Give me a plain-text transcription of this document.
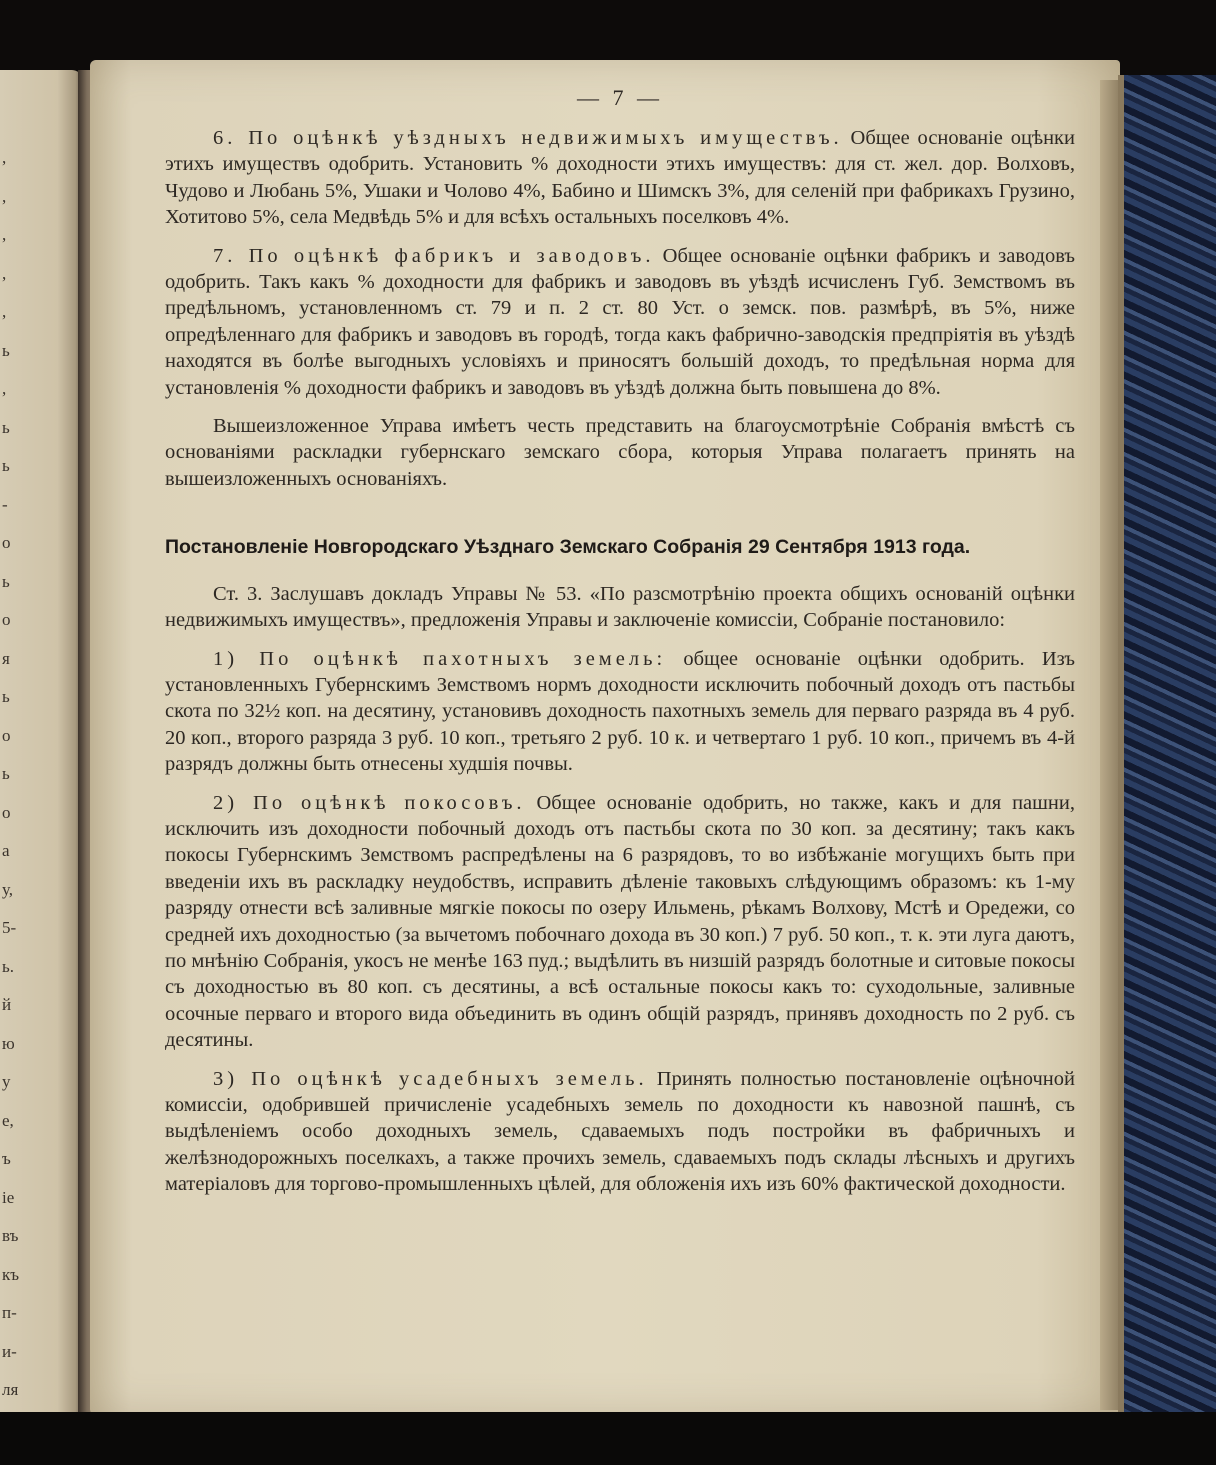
,
,
,
,
,
ь
,
ь
ь
-
о
ь
о
я
ь
о
ь
о
а
у,
5-
ь.
й
ю
у
е,
ъ
іе
въ
къ
п-
и-
ля
— 7 —

6. По оцѣнкѣ уѣздныхъ недвижимыхъ имуществъ. Общее основаніе оцѣнки этихъ имуществъ одобрить. Установить % доходности этихъ имуществъ: для ст. жел. дор. Волховъ, Чудово и Любань 5%, Ушаки и Чолово 4%, Бабино и Шимскъ 3%, для селеній при фабрикахъ Грузино, Хотитово 5%, села Медвѣдь 5% и для всѣхъ остальныхъ поселковъ 4%.

7. По оцѣнкѣ фабрикъ и заводовъ. Общее основаніе оцѣнки фабрикъ и заводовъ одобрить. Такъ какъ % доходности для фабрикъ и заводовъ въ уѣздѣ исчисленъ Губ. Земствомъ въ предѣльномъ, установленномъ ст. 79 и п. 2 ст. 80 Уст. о земск. пов. размѣрѣ, въ 5%, ниже опредѣленнаго для фабрикъ и заводовъ въ городѣ, тогда какъ фабрично-заводскія предпріятія въ уѣздѣ находятся въ болѣе выгодныхъ условіяхъ и приносятъ большій доходъ, то предѣльная норма для установленія % доходности фабрикъ и заводовъ въ уѣздѣ должна быть повышена до 8%.

Вышеизложенное Управа имѣетъ честь представить на благоусмотрѣніе Собранія вмѣстѣ съ основаніями раскладки губернскаго земскаго сбора, которыя Управа полагаетъ принять на вышеизложенныхъ основаніяхъ.

Постановленіе Новгородскаго Уѣзднаго Земскаго Собранія 29 Сентября 1913 года.

Ст. 3. Заслушавъ докладъ Управы № 53. «По разсмотрѣнію проекта общихъ основаній оцѣнки недвижимыхъ имуществъ», предложенія Управы и заключеніе комиссіи, Собраніе постановило:

1) По оцѣнкѣ пахотныхъ земель: общее основаніе оцѣнки одобрить. Изъ установленныхъ Губернскимъ Земствомъ нормъ доходности исключить побочный доходъ отъ пастьбы скота по 32½ коп. на десятину, установивъ доходность пахотныхъ земель для перваго разряда въ 4 руб. 20 коп., второго разряда 3 руб. 10 коп., третьяго 2 руб. 10 к. и четвертаго 1 руб. 10 коп., причемъ въ 4-й разрядъ должны быть отнесены худшія почвы.

2) По оцѣнкѣ покосовъ. Общее основаніе одобрить, но также, какъ и для пашни, исключить изъ доходности побочный доходъ отъ пастьбы скота по 30 коп. за десятину; такъ какъ покосы Губернскимъ Земствомъ распредѣлены на 6 разрядовъ, то во избѣжаніе могущихъ быть при введеніи ихъ въ раскладку неудобствъ, исправить дѣленіе таковыхъ слѣдующимъ образомъ: къ 1-му разряду отнести всѣ заливные мягкіе покосы по озеру Ильмень, рѣкамъ Волхову, Мстѣ и Оредежи, со средней ихъ доходностью (за вычетомъ побочнаго дохода въ 30 коп.) 7 руб. 50 коп., т. к. эти луга даютъ, по мнѣнію Собранія, укосъ не менѣе 163 пуд.; выдѣлить въ низшій разрядъ болотные и ситовые покосы съ доходностью въ 80 коп. съ десятины, а всѣ остальные покосы какъ то: суходольные, заливные осочные перваго и второго вида объединить въ одинъ общій разрядъ, принявъ доходность по 2 руб. съ десятины.

3) По оцѣнкѣ усадебныхъ земель. Принять полностью постановленіе оцѣночной комиссіи, одобрившей причисленіе усадебныхъ земель по доходности къ навозной пашнѣ, съ выдѣленіемъ особо доходныхъ земель, сдаваемыхъ подъ постройки въ фабричныхъ и желѣзнодорожныхъ поселкахъ, а также прочихъ земель, сдаваемыхъ подъ склады лѣсныхъ и другихъ матеріаловъ для торгово-промышленныхъ цѣлей, для обложенія ихъ изъ 60% фактической доходности.
